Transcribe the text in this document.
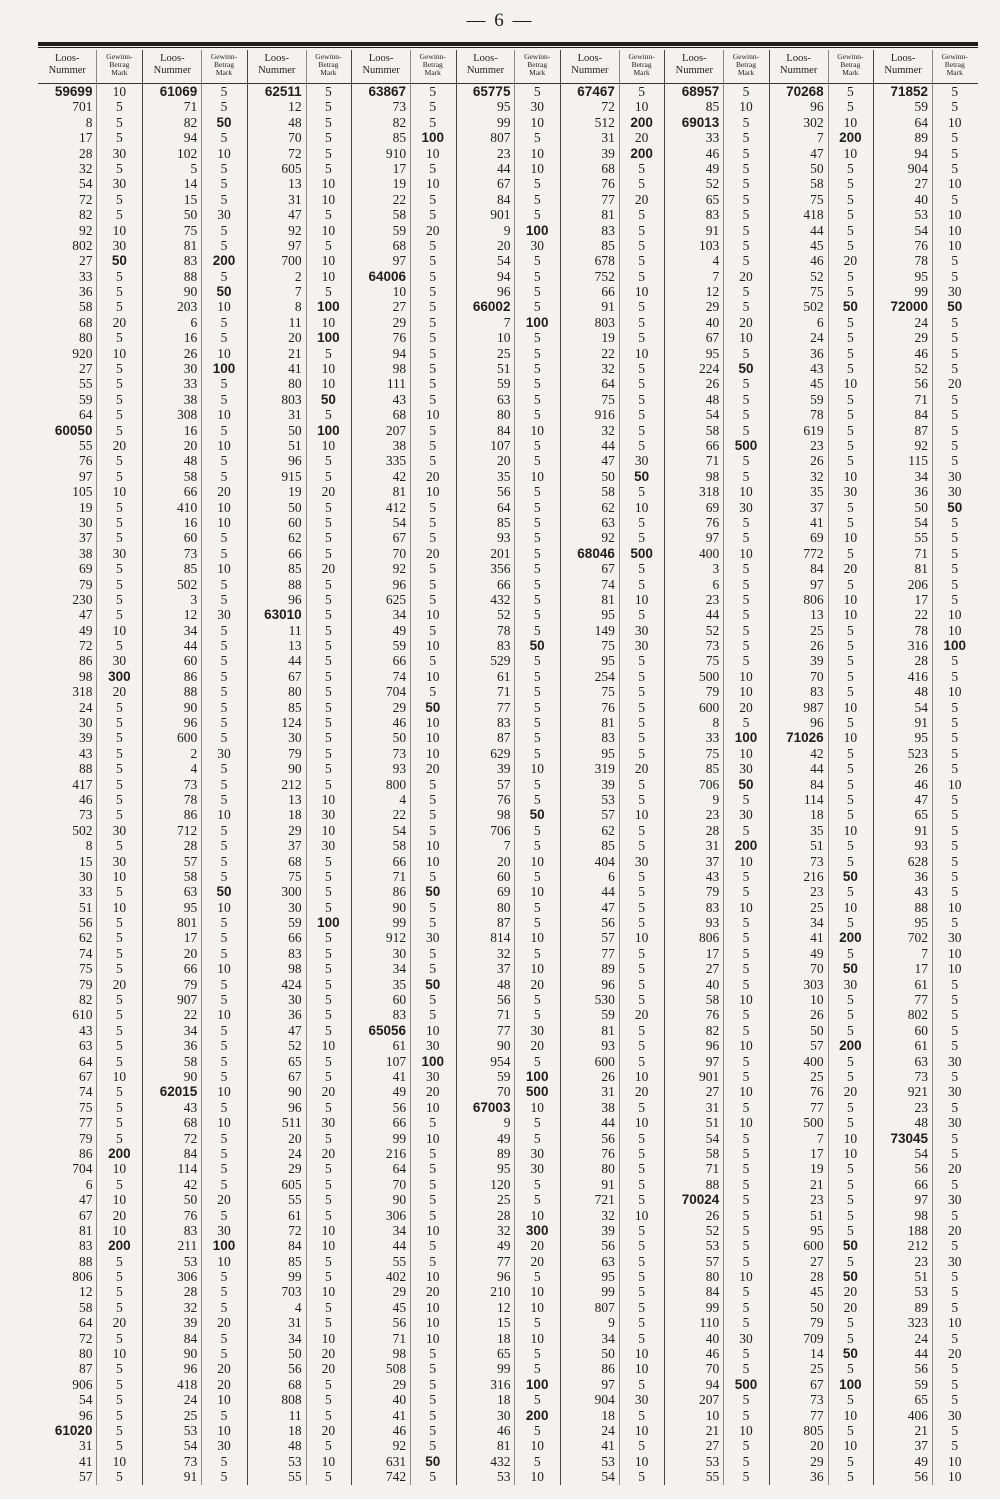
— 6 —
Loos-
Nummer
Gewinn-
Betrag
Mark
59699	10
701	5
8	5
17	5
28	30
32	5
54	30
72	5
82	5
92	10
802	30
27	50
33	5
36	5
58	5
68	20
80	5
920	10
27	5
55	5
59	5
64	5
60050	5
55	20
76	5
97	5
105	10
19	5
30	5
37	5
38	30
69	5
79	5
230	5
47	5
49	10
72	5
86	30
98	300
318	20
24	5
30	5
39	5
43	5
88	5
417	5
46	5
73	5
502	30
8	5
15	30
30	10
33	5
51	10
56	5
62	5
74	5
75	5
79	20
82	5
610	5
43	5
63	5
64	5
67	10
74	5
75	5
77	5
79	5
86	200
704	10
6	5
47	10
67	20
81	10
83	200
88	5
806	5
12	5
58	5
64	20
72	5
80	10
87	5
906	5
54	5
96	5
61020	5
31	5
41	10
57	5
Loos-
Nummer
Gewinn-
Betrag
Mark
61069	5
71	5
82	50
94	5
102	10
5	5
14	5
15	5
50	30
75	5
81	5
83	200
88	5
90	50
203	10
6	5
16	5
26	10
30	100
33	5
38	5
308	10
16	5
20	10
48	5
58	5
66	20
410	10
16	10
60	5
73	5
85	10
502	5
3	5
12	30
34	5
44	5
60	5
86	5
88	5
90	5
96	5
600	5
2	30
4	5
73	5
78	5
86	10
712	5
28	5
57	5
58	5
63	50
95	10
801	5
17	5
20	5
66	10
79	5
907	5
22	10
34	5
36	5
58	5
90	5
62015	10
43	5
68	10
72	5
84	5
114	5
42	5
50	20
76	5
83	30
211	100
53	10
306	5
28	5
32	5
39	20
84	5
90	5
96	20
418	20
24	10
25	5
53	10
54	30
73	5
91	5
Loos-
Nummer
Gewinn-
Betrag
Mark
62511	5
12	5
48	5
70	5
72	5
605	5
13	10
31	10
47	5
92	10
97	5
700	10
2	10
7	5
8	100
11	10
20	100
21	5
41	10
80	10
803	50
31	5
50	100
51	10
96	5
915	5
19	20
50	5
60	5
62	5
66	5
85	20
88	5
96	5
63010	5
11	5
13	5
44	5
67	5
80	5
85	5
124	5
30	5
79	5
90	5
212	5
13	10
18	30
29	10
37	30
68	5
75	5
300	5
30	5
59	100
66	5
83	5
98	5
424	5
30	5
36	5
47	5
52	10
65	5
67	5
90	20
96	5
511	30
20	5
24	20
29	5
605	5
55	5
61	5
72	10
84	10
85	5
99	5
703	10
4	5
31	5
34	10
50	20
56	20
68	5
808	5
11	5
18	20
48	5
53	10
55	5
Loos-
Nummer
Gewinn-
Betrag
Mark
63867	5
73	5
82	5
85	100
910	10
17	5
19	10
22	5
58	5
59	20
68	5
97	5
64006	5
10	5
27	5
29	5
76	5
94	5
98	5
111	5
43	5
68	10
207	5
38	5
335	5
42	20
81	10
412	5
54	5
67	5
70	20
92	5
96	5
625	5
34	10
49	5
59	10
66	5
74	10
704	5
29	50
46	10
50	10
73	10
93	20
800	5
4	5
22	5
54	5
58	10
66	10
71	5
86	50
90	5
99	5
912	30
30	5
34	5
35	50
60	5
83	5
65056	10
61	30
107	100
41	30
49	20
56	10
66	5
99	10
216	5
64	5
70	5
90	5
306	5
34	10
44	5
55	5
402	10
29	20
45	10
56	10
71	10
98	5
508	5
29	5
40	5
41	5
46	5
92	5
631	50
742	5
Loos-
Nummer
Gewinn-
Betrag
Mark
65775	5
95	30
99	10
807	5
23	10
44	10
67	5
84	5
901	5
9	100
20	30
54	5
94	5
96	5
66002	5
7	100
10	5
25	5
51	5
59	5
63	5
80	5
84	10
107	5
20	5
35	10
56	5
64	5
85	5
93	5
201	5
356	5
66	5
432	5
52	5
78	5
83	50
529	5
61	5
71	5
77	5
83	5
87	5
629	5
39	10
57	5
76	5
98	50
706	5
7	5
20	10
60	5
69	10
80	5
87	5
814	10
32	5
37	10
48	20
56	5
71	5
77	30
90	20
954	5
59	100
70	500
67003	10
9	5
49	5
89	30
95	30
120	5
25	5
28	10
32	300
49	20
77	20
96	5
210	10
12	10
15	5
18	10
65	5
99	5
316	100
18	5
30	200
46	5
81	10
432	5
53	10
Loos-
Nummer
Gewinn-
Betrag
Mark
67467	5
72	10
512	200
31	20
39	200
68	5
76	5
77	20
81	5
83	5
85	5
678	5
752	5
66	10
91	5
803	5
19	5
22	10
32	5
64	5
75	5
916	5
32	5
44	5
47	30
50	50
58	5
62	10
63	5
92	5
68046	500
67	5
74	5
81	10
95	5
149	30
75	30
95	5
254	5
75	5
76	5
81	5
83	5
95	5
319	20
39	5
53	5
57	10
62	5
85	5
404	30
6	5
44	5
47	5
56	5
57	10
77	5
89	5
96	5
530	5
59	20
81	5
93	5
600	5
26	10
31	20
38	5
44	10
56	5
76	5
80	5
91	5
721	5
32	10
39	5
56	5
63	5
95	5
99	5
807	5
9	5
34	5
50	10
86	10
97	5
904	30
18	5
24	10
41	5
53	10
54	5
Loos-
Nummer
Gewinn-
Betrag
Mark
68957	5
85	10
69013	5
33	5
46	5
49	5
52	5
65	5
83	5
91	5
103	5
4	5
7	20
12	5
29	5
40	20
67	10
95	5
224	50
26	5
48	5
54	5
58	5
66	500
71	5
98	5
318	10
69	30
76	5
97	5
400	10
3	5
6	5
23	5
44	5
52	5
73	5
75	5
500	10
79	10
600	20
8	5
33	100
75	10
85	30
706	50
9	5
23	30
28	5
31	200
37	10
43	5
79	5
83	10
93	5
806	5
17	5
27	5
40	5
58	10
76	5
82	5
96	10
97	5
901	5
27	10
31	5
51	10
54	5
58	5
71	5
88	5
70024	5
26	5
52	5
53	5
57	5
80	10
84	5
99	5
110	5
40	30
46	5
70	5
94	500
207	5
10	5
21	10
27	5
53	5
55	5
Loos-
Nummer
Gewinn-
Betrag
Mark
70268	5
96	5
302	10
7	200
47	10
50	5
58	5
75	5
418	5
44	5
45	5
46	20
52	5
75	5
502	50
6	5
24	5
36	5
43	5
45	10
59	5
78	5
619	5
23	5
26	5
32	10
35	30
37	5
41	5
69	10
772	5
84	20
97	5
806	10
13	10
25	5
26	5
39	5
70	5
83	5
987	10
96	5
71026	10
42	5
44	5
84	5
114	5
18	5
35	10
51	5
73	5
216	50
23	5
25	10
34	5
41	200
49	5
70	50
303	30
10	5
26	5
50	5
57	200
400	5
25	5
76	20
77	5
500	5
7	10
17	10
19	5
21	5
23	5
51	5
95	5
600	50
27	5
28	50
45	20
50	20
79	5
709	5
14	50
25	5
67	100
73	5
77	10
805	5
20	10
29	5
36	5
Loos-
Nummer
Gewinn-
Betrag
Mark
71852	5
59	5
64	10
89	5
94	5
904	5
27	10
40	5
53	10
54	10
76	10
78	5
95	5
99	30
72000	50
24	5
29	5
46	5
52	5
56	20
71	5
84	5
87	5
92	5
115	5
34	30
36	30
50	50
54	5
55	5
71	5
81	5
206	5
17	5
22	10
78	10
316	100
28	5
416	5
48	10
54	5
91	5
95	5
523	5
26	5
46	10
47	5
65	5
91	5
93	5
628	5
36	5
43	5
88	10
95	5
702	30
7	10
17	10
61	5
77	5
802	5
60	5
61	5
63	30
73	5
921	30
23	5
48	30
73045	5
54	5
56	20
66	5
97	30
98	5
188	20
212	5
23	30
51	5
53	5
89	5
323	10
24	5
44	20
56	5
59	5
65	5
406	30
21	5
37	5
49	10
56	10
